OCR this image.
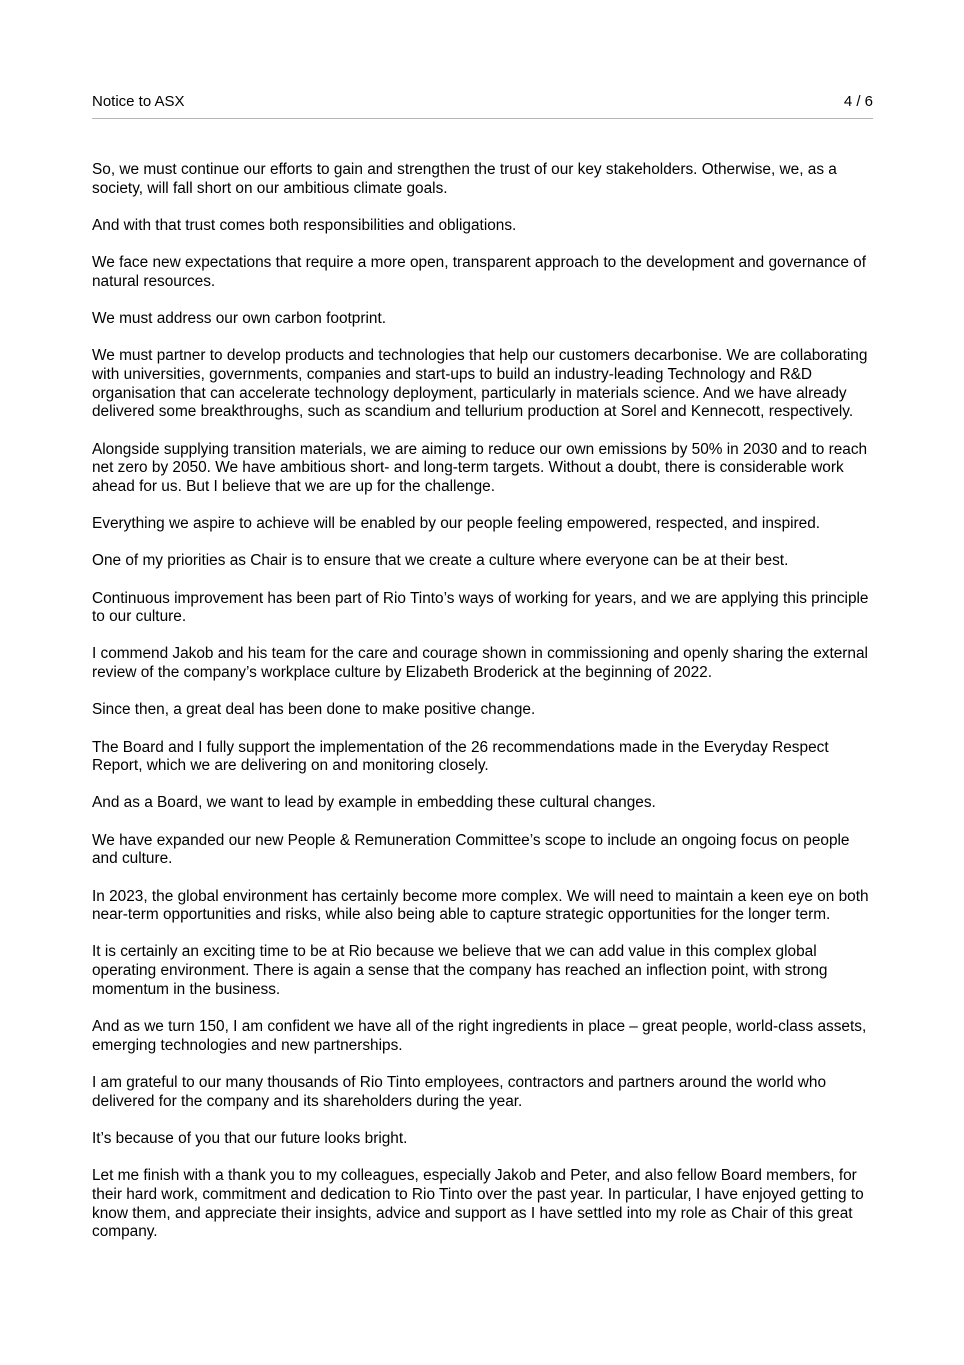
Notice to ASX	4 / 6

So, we must continue our efforts to gain and strengthen the trust of our key stakeholders. Otherwise, we, as a society, will fall short on our ambitious climate goals.

And with that trust comes both responsibilities and obligations.

We face new expectations that require a more open, transparent approach to the development and governance of natural resources.

We must address our own carbon footprint.

We must partner to develop products and technologies that help our customers decarbonise. We are collaborating with universities, governments, companies and start-ups to build an industry-leading Technology and R&D organisation that can accelerate technology deployment, particularly in materials science. And we have already delivered some breakthroughs, such as scandium and tellurium production at Sorel and Kennecott, respectively.

Alongside supplying transition materials, we are aiming to reduce our own emissions by 50% in 2030 and to reach net zero by 2050. We have ambitious short- and long-term targets. Without a doubt, there is considerable work ahead for us. But I believe that we are up for the challenge.

Everything we aspire to achieve will be enabled by our people feeling empowered, respected, and inspired.

One of my priorities as Chair is to ensure that we create a culture where everyone can be at their best.

Continuous improvement has been part of Rio Tinto’s ways of working for years, and we are applying this principle to our culture.

I commend Jakob and his team for the care and courage shown in commissioning and openly sharing the external review of the company’s workplace culture by Elizabeth Broderick at the beginning of 2022.

Since then, a great deal has been done to make positive change.

The Board and I fully support the implementation of the 26 recommendations made in the Everyday Respect Report, which we are delivering on and monitoring closely.

And as a Board, we want to lead by example in embedding these cultural changes.

We have expanded our new People & Remuneration Committee’s scope to include an ongoing focus on people and culture.

In 2023, the global environment has certainly become more complex. We will need to maintain a keen eye on both near-term opportunities and risks, while also being able to capture strategic opportunities for the longer term.

It is certainly an exciting time to be at Rio because we believe that we can add value in this complex global operating environment. There is again a sense that the company has reached an inflection point, with strong momentum in the business.

And as we turn 150, I am confident we have all of the right ingredients in place – great people, world-class assets, emerging technologies and new partnerships.

I am grateful to our many thousands of Rio Tinto employees, contractors and partners around the world who delivered for the company and its shareholders during the year.

It’s because of you that our future looks bright.

Let me finish with a thank you to my colleagues, especially Jakob and Peter, and also fellow Board members, for their hard work, commitment and dedication to Rio Tinto over the past year. In particular, I have enjoyed getting to know them, and appreciate their insights, advice and support as I have settled into my role as Chair of this great company.
